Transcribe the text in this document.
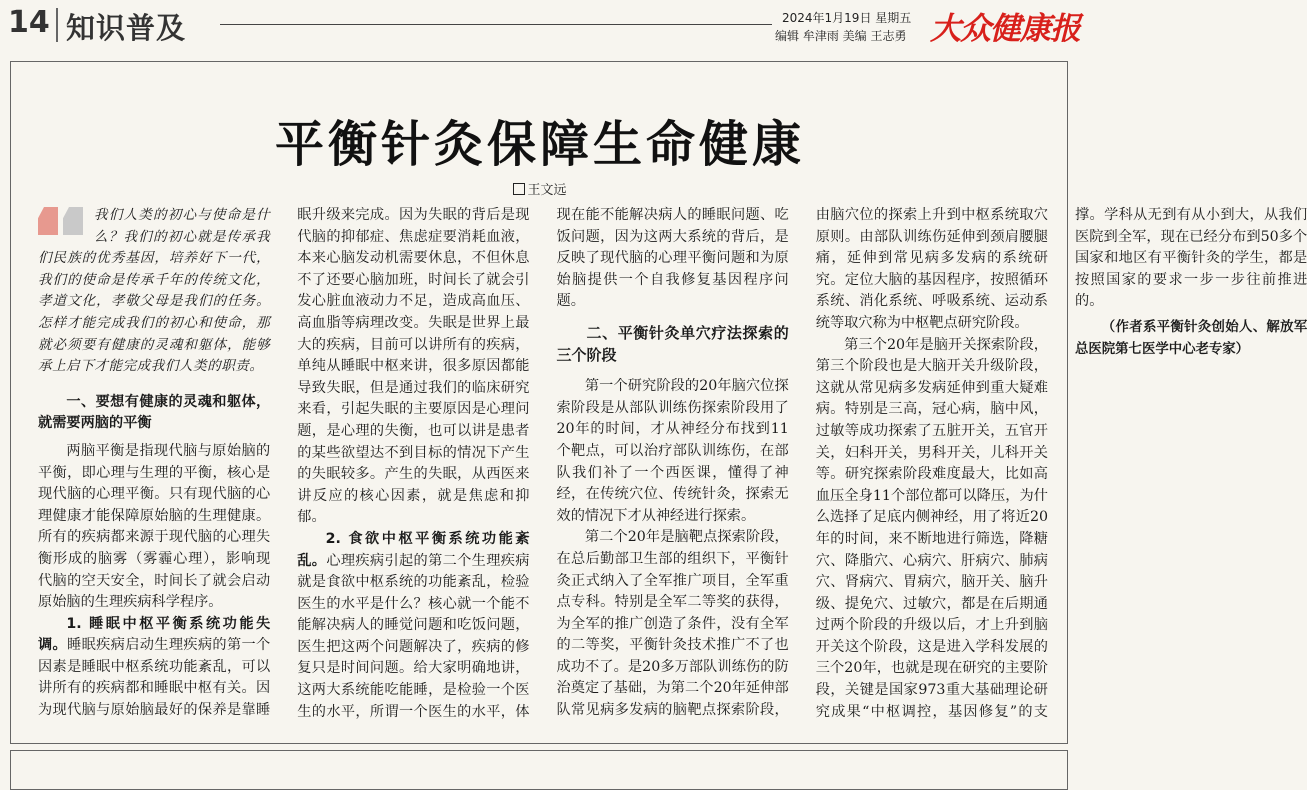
14 知识普及	2024年1月19日 星期五
编辑 牟津雨 美编 王志勇 大众健康报
平衡针灸保障生命健康
王文远

我们人类的初心与使命是什么？我们的初心就是传承我们民族的优秀基因，培养好下一代，我们的使命是传承千年的传统文化，孝道文化，孝敬父母是我们的任务。怎样才能完成我们的初心和使命，那就必须要有健康的灵魂和躯体，能够承上启下才能完成我们人类的职责。

一、要想有健康的灵魂和躯体，就需要两脑的平衡

两脑平衡是指现代脑与原始脑的平衡，即心理与生理的平衡，核心是现代脑的心理平衡。只有现代脑的心理健康才能保障原始脑的生理健康。所有的疾病都来源于现代脑的心理失衡形成的脑雾（雾霾心理），影响现代脑的空天安全，时间长了就会启动原始脑的生理疾病科学程序。

1. 睡眠中枢平衡系统功能失调。睡眠疾病启动生理疾病的第一个因素是睡眠中枢系统功能紊乱，可以讲所有的疾病都和睡眠中枢有关。因为现代脑与原始脑最好的保养是靠睡眠升级来完成。因为失眠的背后是现代脑的抑郁症、焦虑症要消耗血液，本来心脑发动机需要休息，不但休息不了还要心脑加班，时间长了就会引发心脏血液动力不足，造成高血压、高血脂等病理改变。失眠是世界上最大的疾病，目前可以讲所有的疾病，单纯从睡眠中枢来讲，很多原因都能导致失眠，但是通过我们的临床研究来看，引起失眠的主要原因是心理问题，是心理的失衡，也可以讲是患者的某些欲望达不到目标的情况下产生的失眠较多。产生的失眠，从西医来讲反应的核心因素，就是焦虑和抑郁。

2. 食欲中枢平衡系统功能紊乱。心理疾病引起的第二个生理疾病就是食欲中枢系统的功能紊乱，检验医生的水平是什么？核心就一个能不能解决病人的睡觉问题和吃饭问题，医生把这两个问题解决了，疾病的修复只是时间问题。给大家明确地讲，这两大系统能吃能睡，是检验一个医生的水平，所谓一个医生的水平，体现在能不能解决病人的睡眠问题、吃饭问题，因为这两大系统的背后，是反映了现代脑的心理平衡问题和为原始脑提供一个自我修复基因程序问题。

二、平衡针灸单穴疗法探索的三个阶段

第一个研究阶段的20年脑穴位探索阶段是从部队训练伤探索阶段用了20年的时间，才从神经分布找到11个靶点，可以治疗部队训练伤，在部队我们补了一个西医课，懂得了神经，在传统穴位、传统针灸，探索无效的情况下才从神经进行探索。

第二个20年是脑靶点探索阶段，在总后勤部卫生部的组织下，平衡针灸正式纳入了全军推广项目，全军重点专科。特别是全军二等奖的获得，为全军的推广创造了条件，没有全军的二等奖，平衡针灸技术推广不了也成功不了。是20多万部队训练伤的防治奠定了基础，为第二个20年延伸部队常见病多发病的脑靶点探索阶段，由脑穴位的探索上升到中枢系统取穴原则。由部队训练伤延伸到颈肩腰腿痛，延伸到常见病多发病的系统研究。定位大脑的基因程序，按照循环系统、消化系统、呼吸系统、运动系统等取穴称为中枢靶点研究阶段。

第三个20年是脑开关探索阶段，第三个阶段也是大脑开关升级阶段，这就从常见病多发病延伸到重大疑难病。特别是三高，冠心病，脑中风，过敏等成功探索了五脏开关，五官开关，妇科开关，男科开关，儿科开关等。研究探索阶段难度最大，比如高血压全身11个部位都可以降压，为什么选择了足底内侧神经，用了将近20年的时间，来不断地进行筛选，降糖穴、降脂穴、心病穴、肝病穴、肺病穴、肾病穴、胃病穴，脑开关、脑升级、提免穴、过敏穴，都是在后期通过两个阶段的升级以后，才上升到脑开关这个阶段，这是进入学科发展的三个20年，也就是现在研究的主要阶段，关键是国家973重大基础理论研究成果“中枢调控，基因修复”的支撑。学科从无到有从小到大，从我们医院到全军，现在已经分布到50多个国家和地区有平衡针灸的学生，都是按照国家的要求一步一步往前推进的。

（作者系平衡针灸创始人、解放军总医院第七医学中心老专家）
